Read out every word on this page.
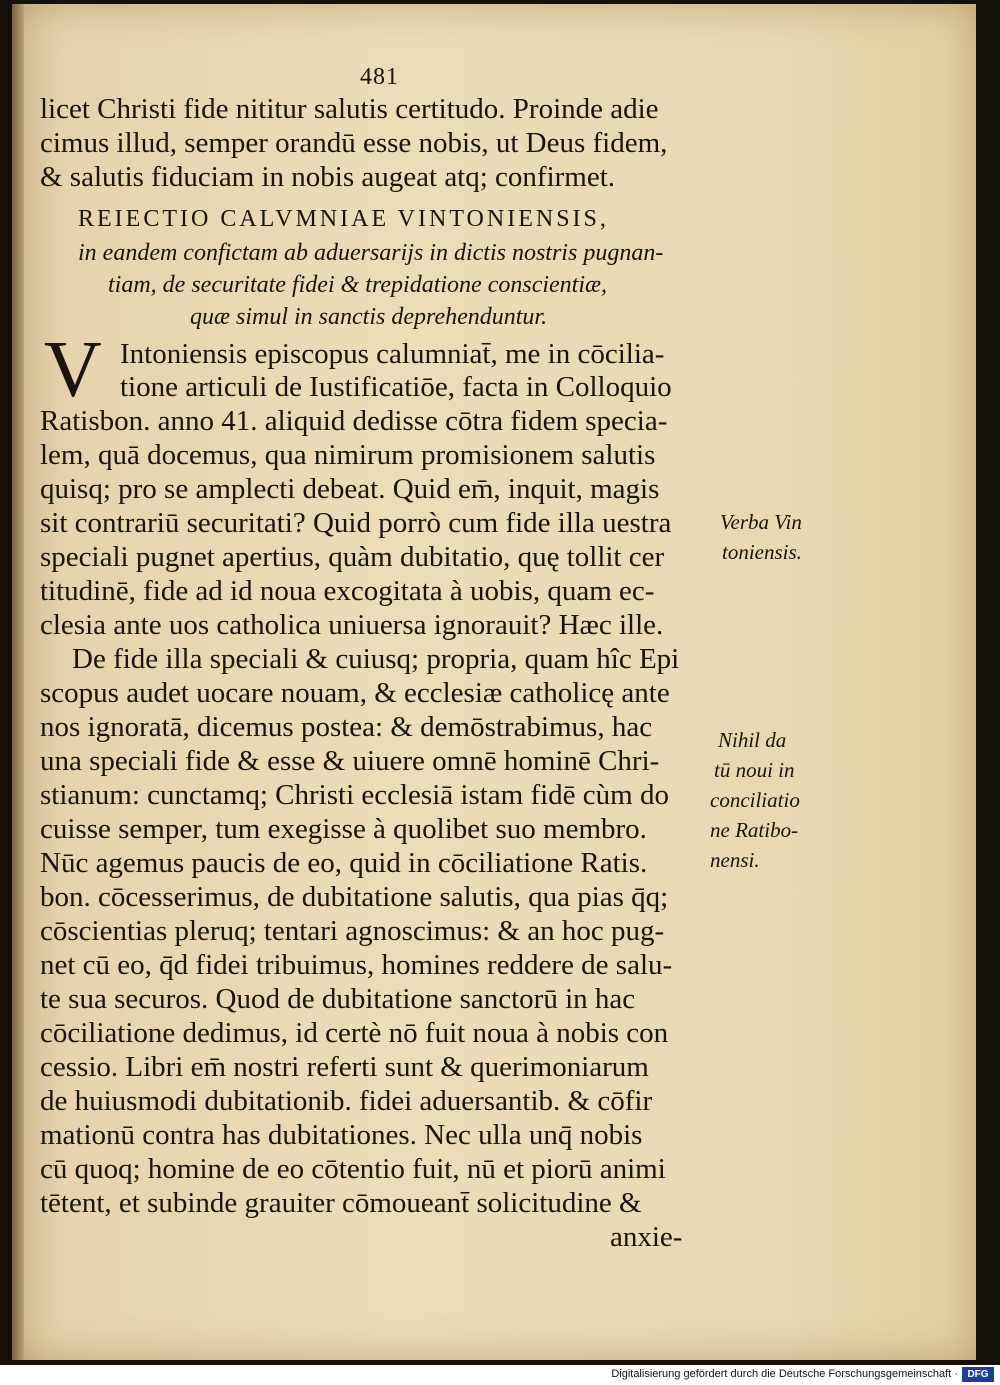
481
licet Christi fide nititur salutis certitudo. Proinde adie
cimus illud, semper orandū esse nobis, ut Deus fidem,
& salutis fiduciam in nobis augeat atq; confirmet.
REIECTIO CALVMNIAE VINTONIENSIS,
in eandem confictam ab aduersarijs in dictis nostris pugnan-
tiam, de securitate fidei & trepidatione conscientiæ,
quæ simul in sanctis deprehenduntur.
V Intoniensis episcopus calumniat̄, me in cōcilia-
tione articuli de Iustificatiōe, facta in Colloquio
Ratisbon. anno 41. aliquid dedisse cōtra fidem specia-
lem, quā docemus, qua nimirum promisionem salutis
quisq; pro se amplecti debeat. Quid em̄, inquit, magis
sit contrariū securitati? Quid porrò cum fide illa uestra
speciali pugnet apertius, quàm dubitatio, quę tollit cer
titudinē, fide ad id noua excogitata à uobis, quam ec-
clesia ante uos catholica uniuersa ignorauit? Hæc ille.
De fide illa speciali & cuiusq; propria, quam hîc Epi
scopus audet uocare nouam, & ecclesiæ catholicę ante
nos ignoratā, dicemus postea: & demōstrabimus, hac
una speciali fide & esse & uiuere omnē hominē Chri-
stianum: cunctamq; Christi ecclesiā istam fidē cùm do
cuisse semper, tum exegisse à quolibet suo membro.
Nūc agemus paucis de eo, quid in cōciliatione Ratis.
bon. cōcesserimus, de dubitatione salutis, qua pias q̄q;
cōscientias pleruq; tentari agnoscimus: & an hoc pug-
net cū eo, q̄d fidei tribuimus, homines reddere de salu-
te sua securos. Quod de dubitatione sanctorū in hac
cōciliatione dedimus, id certè nō fuit noua à nobis con
cessio. Libri em̄ nostri referti sunt & querimoniarum
de huiusmodi dubitationib. fidei aduersantib. & cōfir
mationū contra has dubitationes. Nec ulla unq̄ nobis
cū quoq; homine de eo cōtentio fuit, nū et piorū animi
tētent, et subinde grauiter cōmoueant̄ solicitudine &
anxie-
Verba Vin
toniensis.
Nihil da
tū noui in
conciliatio
ne Ratibo-
nensi.
Digitalisierung gefördert durch die Deutsche Forschungsgemeinschaft · DFG
